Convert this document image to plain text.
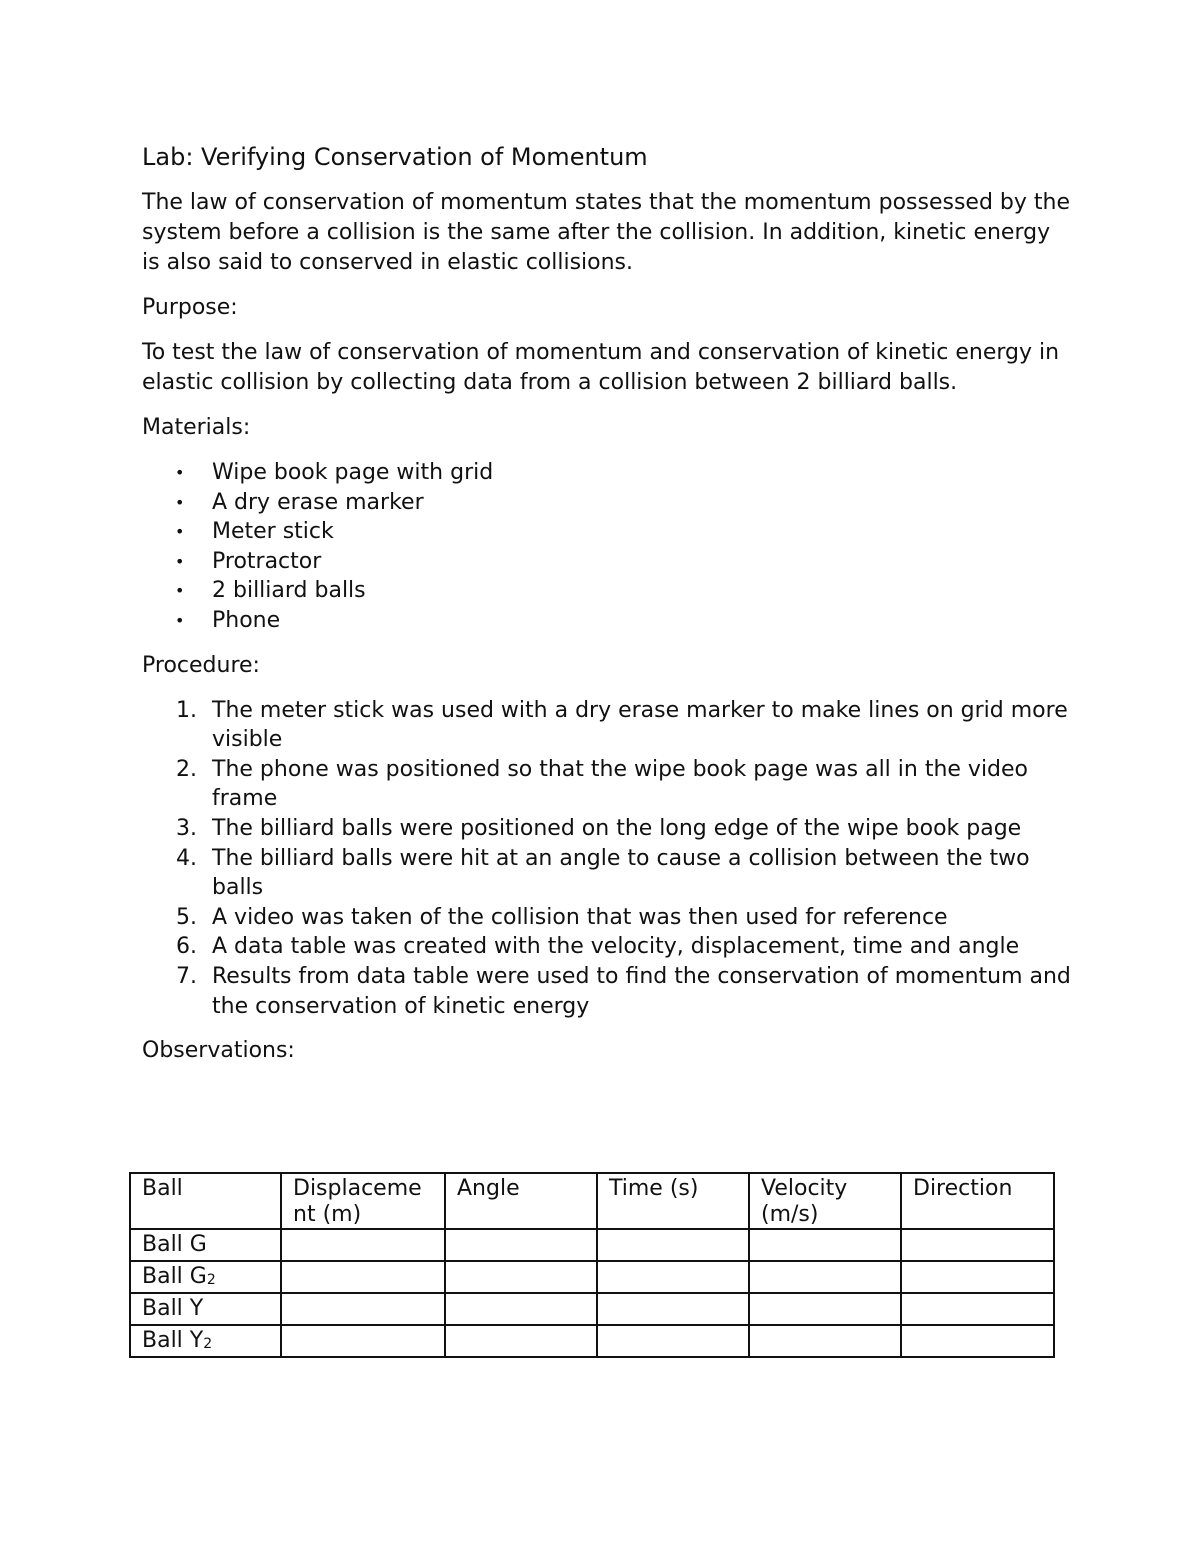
Lab: Verifying Conservation of Momentum

The law of conservation of momentum states that the momentum possessed by the system before a collision is the same after the collision. In addition, kinetic energy is also said to conserved in elastic collisions.

Purpose:

To test the law of conservation of momentum and conservation of kinetic energy in elastic collision by collecting data from a collision between 2 billiard balls.

Materials:

• Wipe book page with grid
• A dry erase marker
• Meter stick
• Protractor
• 2 billiard balls
• Phone

Procedure:

1. The meter stick was used with a dry erase marker to make lines on grid more visible
2. The phone was positioned so that the wipe book page was all in the video frame
3. The billiard balls were positioned on the long edge of the wipe book page
4. The billiard balls were hit at an angle to cause a collision between the two balls
5. A video was taken of the collision that was then used for reference
6. A data table was created with the velocity, displacement, time and angle
7. Results from data table were used to find the conservation of momentum and the conservation of kinetic energy

Observations:

Ball	Displaceme nt (m)	Angle	Time (s)	Velocity (m/s)	Direction
Ball G					
Ball G2					
Ball Y					
Ball Y2					
